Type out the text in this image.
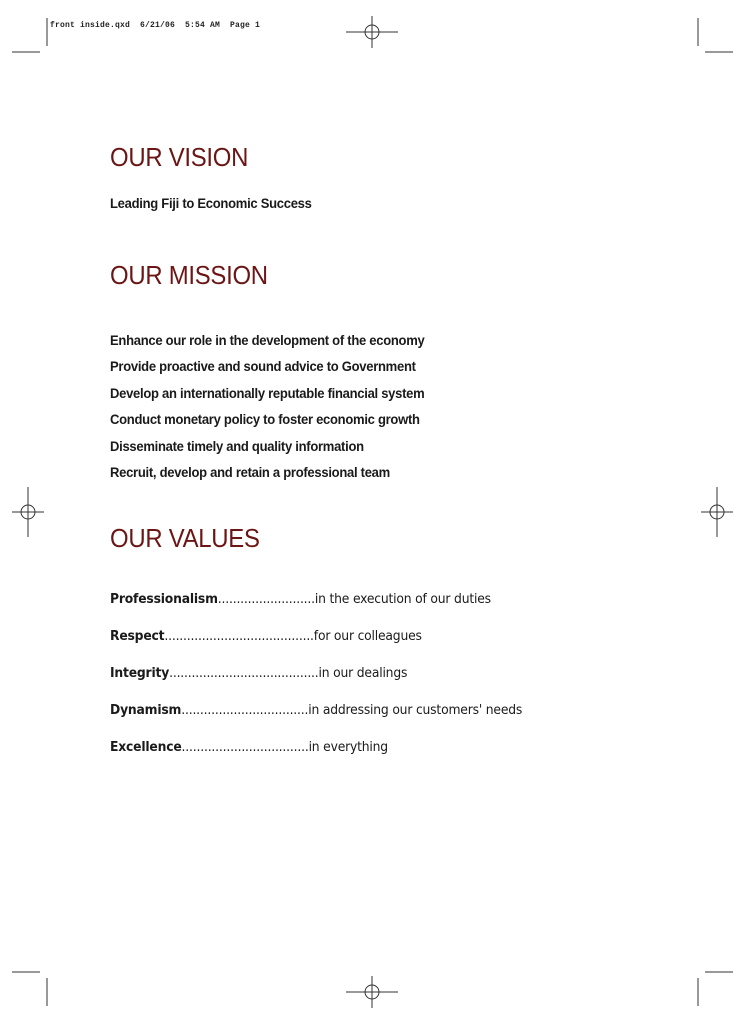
front inside.qxd  6/21/06  5:54 AM  Page 1
OUR VISION
Leading Fiji to Economic Success
OUR MISSION
Enhance our role in the development of the economy
Provide proactive and sound advice to Government
Develop an internationally reputable financial system
Conduct monetary policy to foster economic growth
Disseminate timely and quality information
Recruit, develop and retain a professional team
OUR VALUES
Professionalism..........................in the execution of our duties
Respect........................................for our colleagues
Integrity........................................in our dealings
Dynamism..................................in addressing our customers' needs
Excellence..................................in everything
